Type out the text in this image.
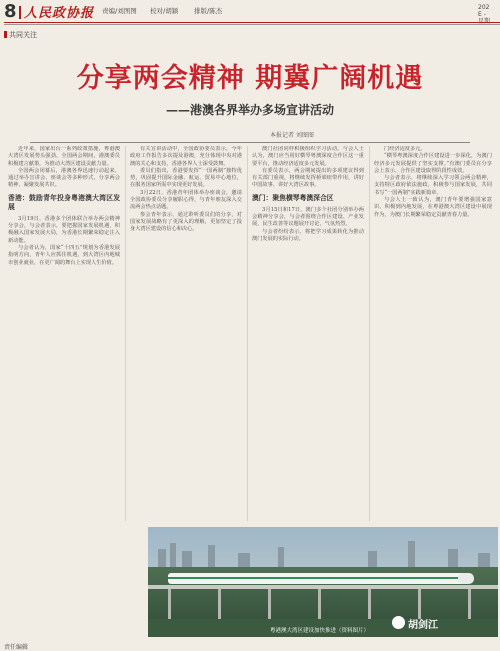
8 人民政协报 责编/刘图图 校对/胡颖 排版/陈杰	202
E -
共同关注
分享两会精神 期冀广阔机遇
——港澳各界举办多场宣讲活动
本报记者 刘图图

近年来，国家出台一系列政策措施，粤港澳大湾区发展势头强劲。全国两会期间，港澳委员积极建言献策，为推动大湾区建设贡献力量。

全国两会闭幕后，港澳各界迅速行动起来，通过举办宣讲会、座谈会等多种形式，分享两会精神，凝聚发展共识。

香港：鼓励青年投身粤港澳大湾区发展

3月19日，香港多个团体联合举办两会精神分享会，与会者表示，要把握国家发展机遇，积极融入国家发展大局，为香港长期繁荣稳定注入新动能。

与会者认为，国家“十四五”规划为香港发展指明方向，青年人应抓住机遇，到大湾区内地城市创业就业，在更广阔的舞台上实现人生价值。

有关宣讲活动中，全国政协委员表示，今年政府工作报告多次提及港澳，充分体现中央对港澳的关心和支持，香港各界人士深受鼓舞。

委员们指出，香港要发挥“一国两制”独特优势，巩固提升国际金融、航运、贸易中心地位，在服务国家所需中实现更好发展。

3月22日，香港青年团体举办座谈会，邀请全国政协委员分享履职心得，与青年朋友深入交流两会热点话题。

参会青年表示，通过聆听委员们的分享，对国家发展战略有了更深入的理解，更加坚定了投身大湾区建设的信心和决心。

澳门社团同样积极组织学习活动。与会人士认为，澳门应当用好横琴粤澳深度合作区这一重要平台，推动经济适度多元发展。

有委员表示，两会期间提出的多项建议得到有关部门重视，将继续发挥桥梁纽带作用，讲好中国故事、讲好大湾区故事。

澳门：聚焦横琴粤澳深合区

3月15日和17日，澳门多个社团分别举办两会精神分享会，与会者围绕合作区建设、产业发展、民生改善等议题展开讨论，气氛热烈。

与会者纷纷表示，将把学习成果转化为推动澳门发展的实际行动。

门经济适度多元。

“横琴粤澳深度合作区建设进一步深化，为澳门经济多元发展提供了坚实支撑。”有澳门委员在分享会上表示，合作区建设取得阶段性成效。

与会者表示，将继续深入学习领会两会精神，支持特区政府依法施政，积极参与国家发展，共同书写“一国两制”实践新篇章。

与会人士一致认为，澳门青年要增强国家意识，积极到内地发展，在粤港澳大湾区建设中展现作为，为澳门长期繁荣稳定贡献青春力量。

粤港澳大湾区建设加快推进（资料图片）	胡剑江
责任编辑
